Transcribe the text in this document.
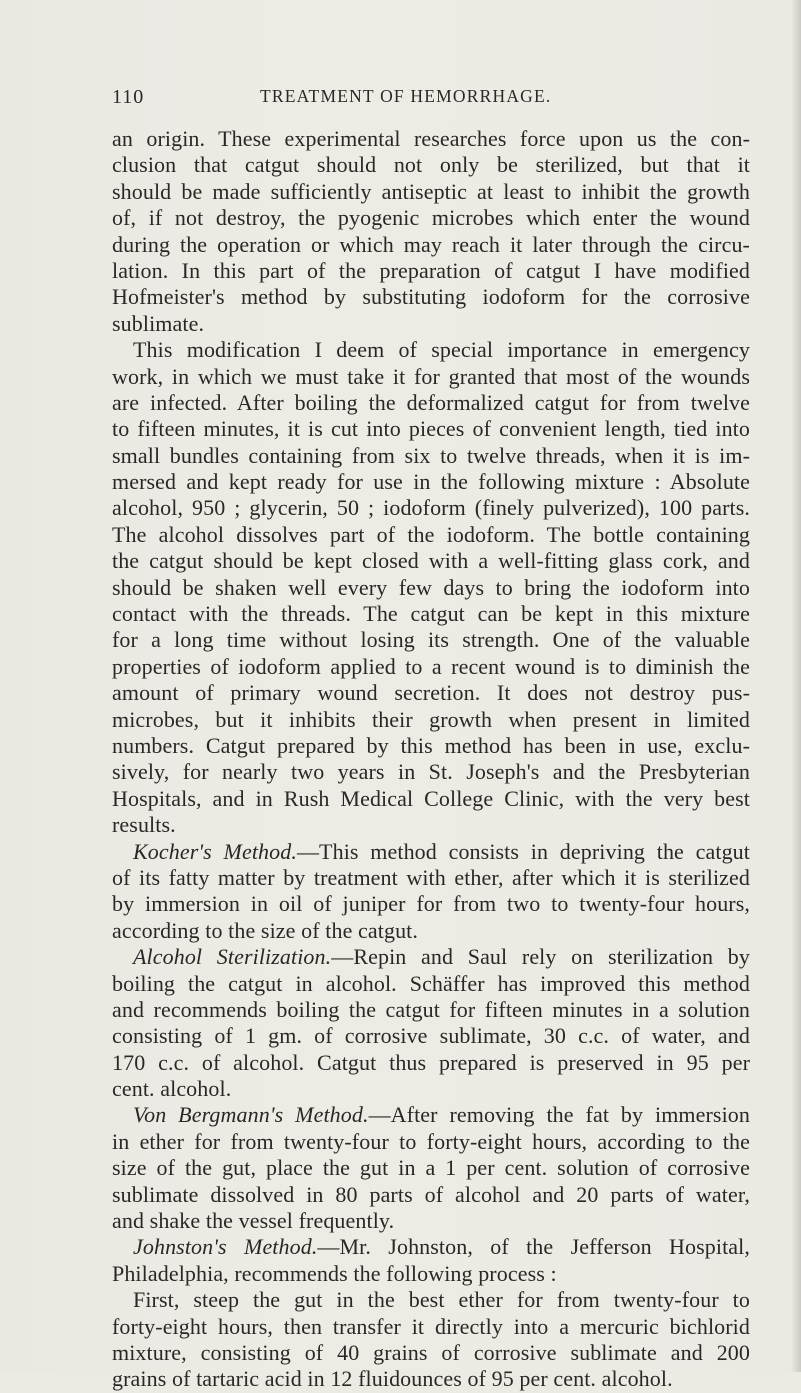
110	TREATMENT OF HEMORRHAGE.
an origin. These experimental researches force upon us the con-
clusion that catgut should not only be sterilized, but that it
should be made sufficiently antiseptic at least to inhibit the growth
of, if not destroy, the pyogenic microbes which enter the wound
during the operation or which may reach it later through the circu-
lation. In this part of the preparation of catgut I have modified
Hofmeister's method by substituting iodoform for the corrosive
sublimate.
This modification I deem of special importance in emergency
work, in which we must take it for granted that most of the wounds
are infected. After boiling the deformalized catgut for from twelve
to fifteen minutes, it is cut into pieces of convenient length, tied into
small bundles containing from six to twelve threads, when it is im-
mersed and kept ready for use in the following mixture : Absolute
alcohol, 950 ; glycerin, 50 ; iodoform (finely pulverized), 100 parts.
The alcohol dissolves part of the iodoform. The bottle containing
the catgut should be kept closed with a well-fitting glass cork, and
should be shaken well every few days to bring the iodoform into
contact with the threads. The catgut can be kept in this mixture
for a long time without losing its strength. One of the valuable
properties of iodoform applied to a recent wound is to diminish the
amount of primary wound secretion. It does not destroy pus-
microbes, but it inhibits their growth when present in limited
numbers. Catgut prepared by this method has been in use, exclu-
sively, for nearly two years in St. Joseph's and the Presbyterian
Hospitals, and in Rush Medical College Clinic, with the very best
results.
Kocher's Method.—This method consists in depriving the catgut
of its fatty matter by treatment with ether, after which it is sterilized
by immersion in oil of juniper for from two to twenty-four hours,
according to the size of the catgut.
Alcohol Sterilization.—Repin and Saul rely on sterilization by
boiling the catgut in alcohol. Schäffer has improved this method
and recommends boiling the catgut for fifteen minutes in a solution
consisting of 1 gm. of corrosive sublimate, 30 c.c. of water, and
170 c.c. of alcohol. Catgut thus prepared is preserved in 95 per
cent. alcohol.
Von Bergmann's Method.—After removing the fat by immersion
in ether for from twenty-four to forty-eight hours, according to the
size of the gut, place the gut in a 1 per cent. solution of corrosive
sublimate dissolved in 80 parts of alcohol and 20 parts of water,
and shake the vessel frequently.
Johnston's Method.—Mr. Johnston, of the Jefferson Hospital,
Philadelphia, recommends the following process :
First, steep the gut in the best ether for from twenty-four to
forty-eight hours, then transfer it directly into a mercuric bichlorid
mixture, consisting of 40 grains of corrosive sublimate and 200
grains of tartaric acid in 12 fluidounces of 95 per cent. alcohol.
